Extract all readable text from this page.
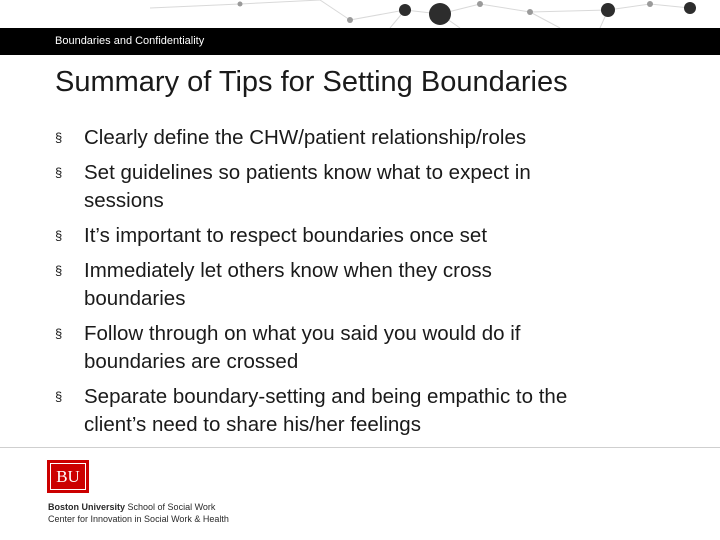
Boundaries and Confidentiality
Summary of Tips for Setting Boundaries
§ Clearly define the CHW/patient relationship/roles
§ Set guidelines so patients know what to expect in
sessions
§ It’s important to respect boundaries once set
§ Immediately let others know when they cross
boundaries
§ Follow through on what you said you would do if
boundaries are crossed
§ Separate boundary-setting and being empathic to the
client’s need to share his/her feelings
BU
Boston University School of Social Work
Center for Innovation in Social Work & Health
